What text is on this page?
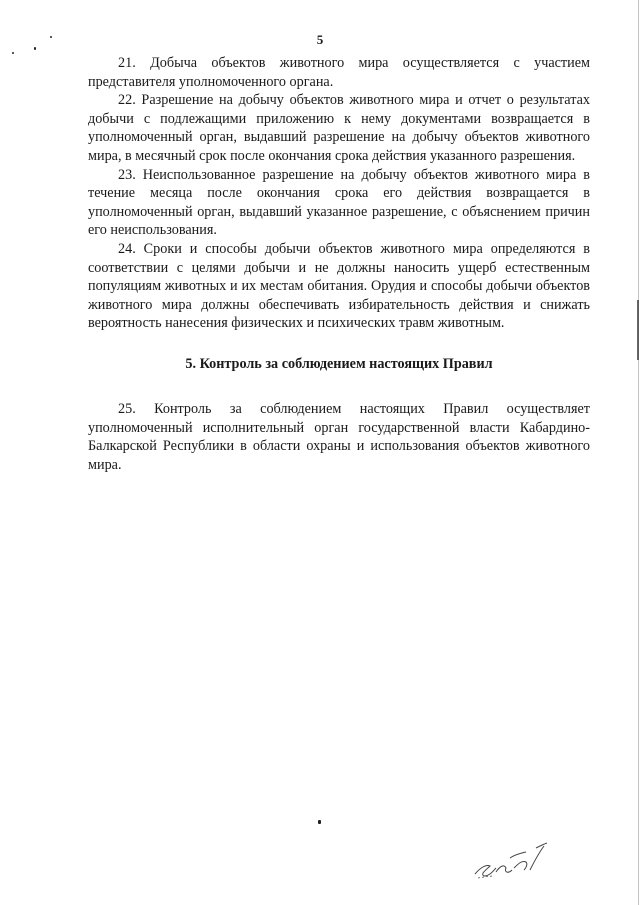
5

21. Добыча объектов животного мира осуществляется с участием представителя уполномоченного органа.

22. Разрешение на добычу объектов животного мира и отчет о результатах добычи с подлежащими приложению к нему документами возвращается в уполномоченный орган, выдавший разрешение на добычу объектов животного мира, в месячный срок после окончания срока действия указанного разрешения.

23. Неиспользованное разрешение на добычу объектов животного мира в течение месяца после окончания срока его действия возвращается в уполномоченный орган, выдавший указанное разрешение, с объяснением причин его неиспользования.

24. Сроки и способы добычи объектов животного мира определяются в соответствии с целями добычи и не должны наносить ущерб естественным популяциям животных и их местам обитания. Орудия и способы добычи объектов животного мира должны обеспечивать избирательность действия и снижать вероятность нанесения физических и психических травм животным.

5. Контроль за соблюдением настоящих Правил

25. Контроль за соблюдением настоящих Правил осуществляет уполномоченный исполнительный орган государственной власти Кабардино-Балкарской Республики в области охраны и использования объектов животного мира.
